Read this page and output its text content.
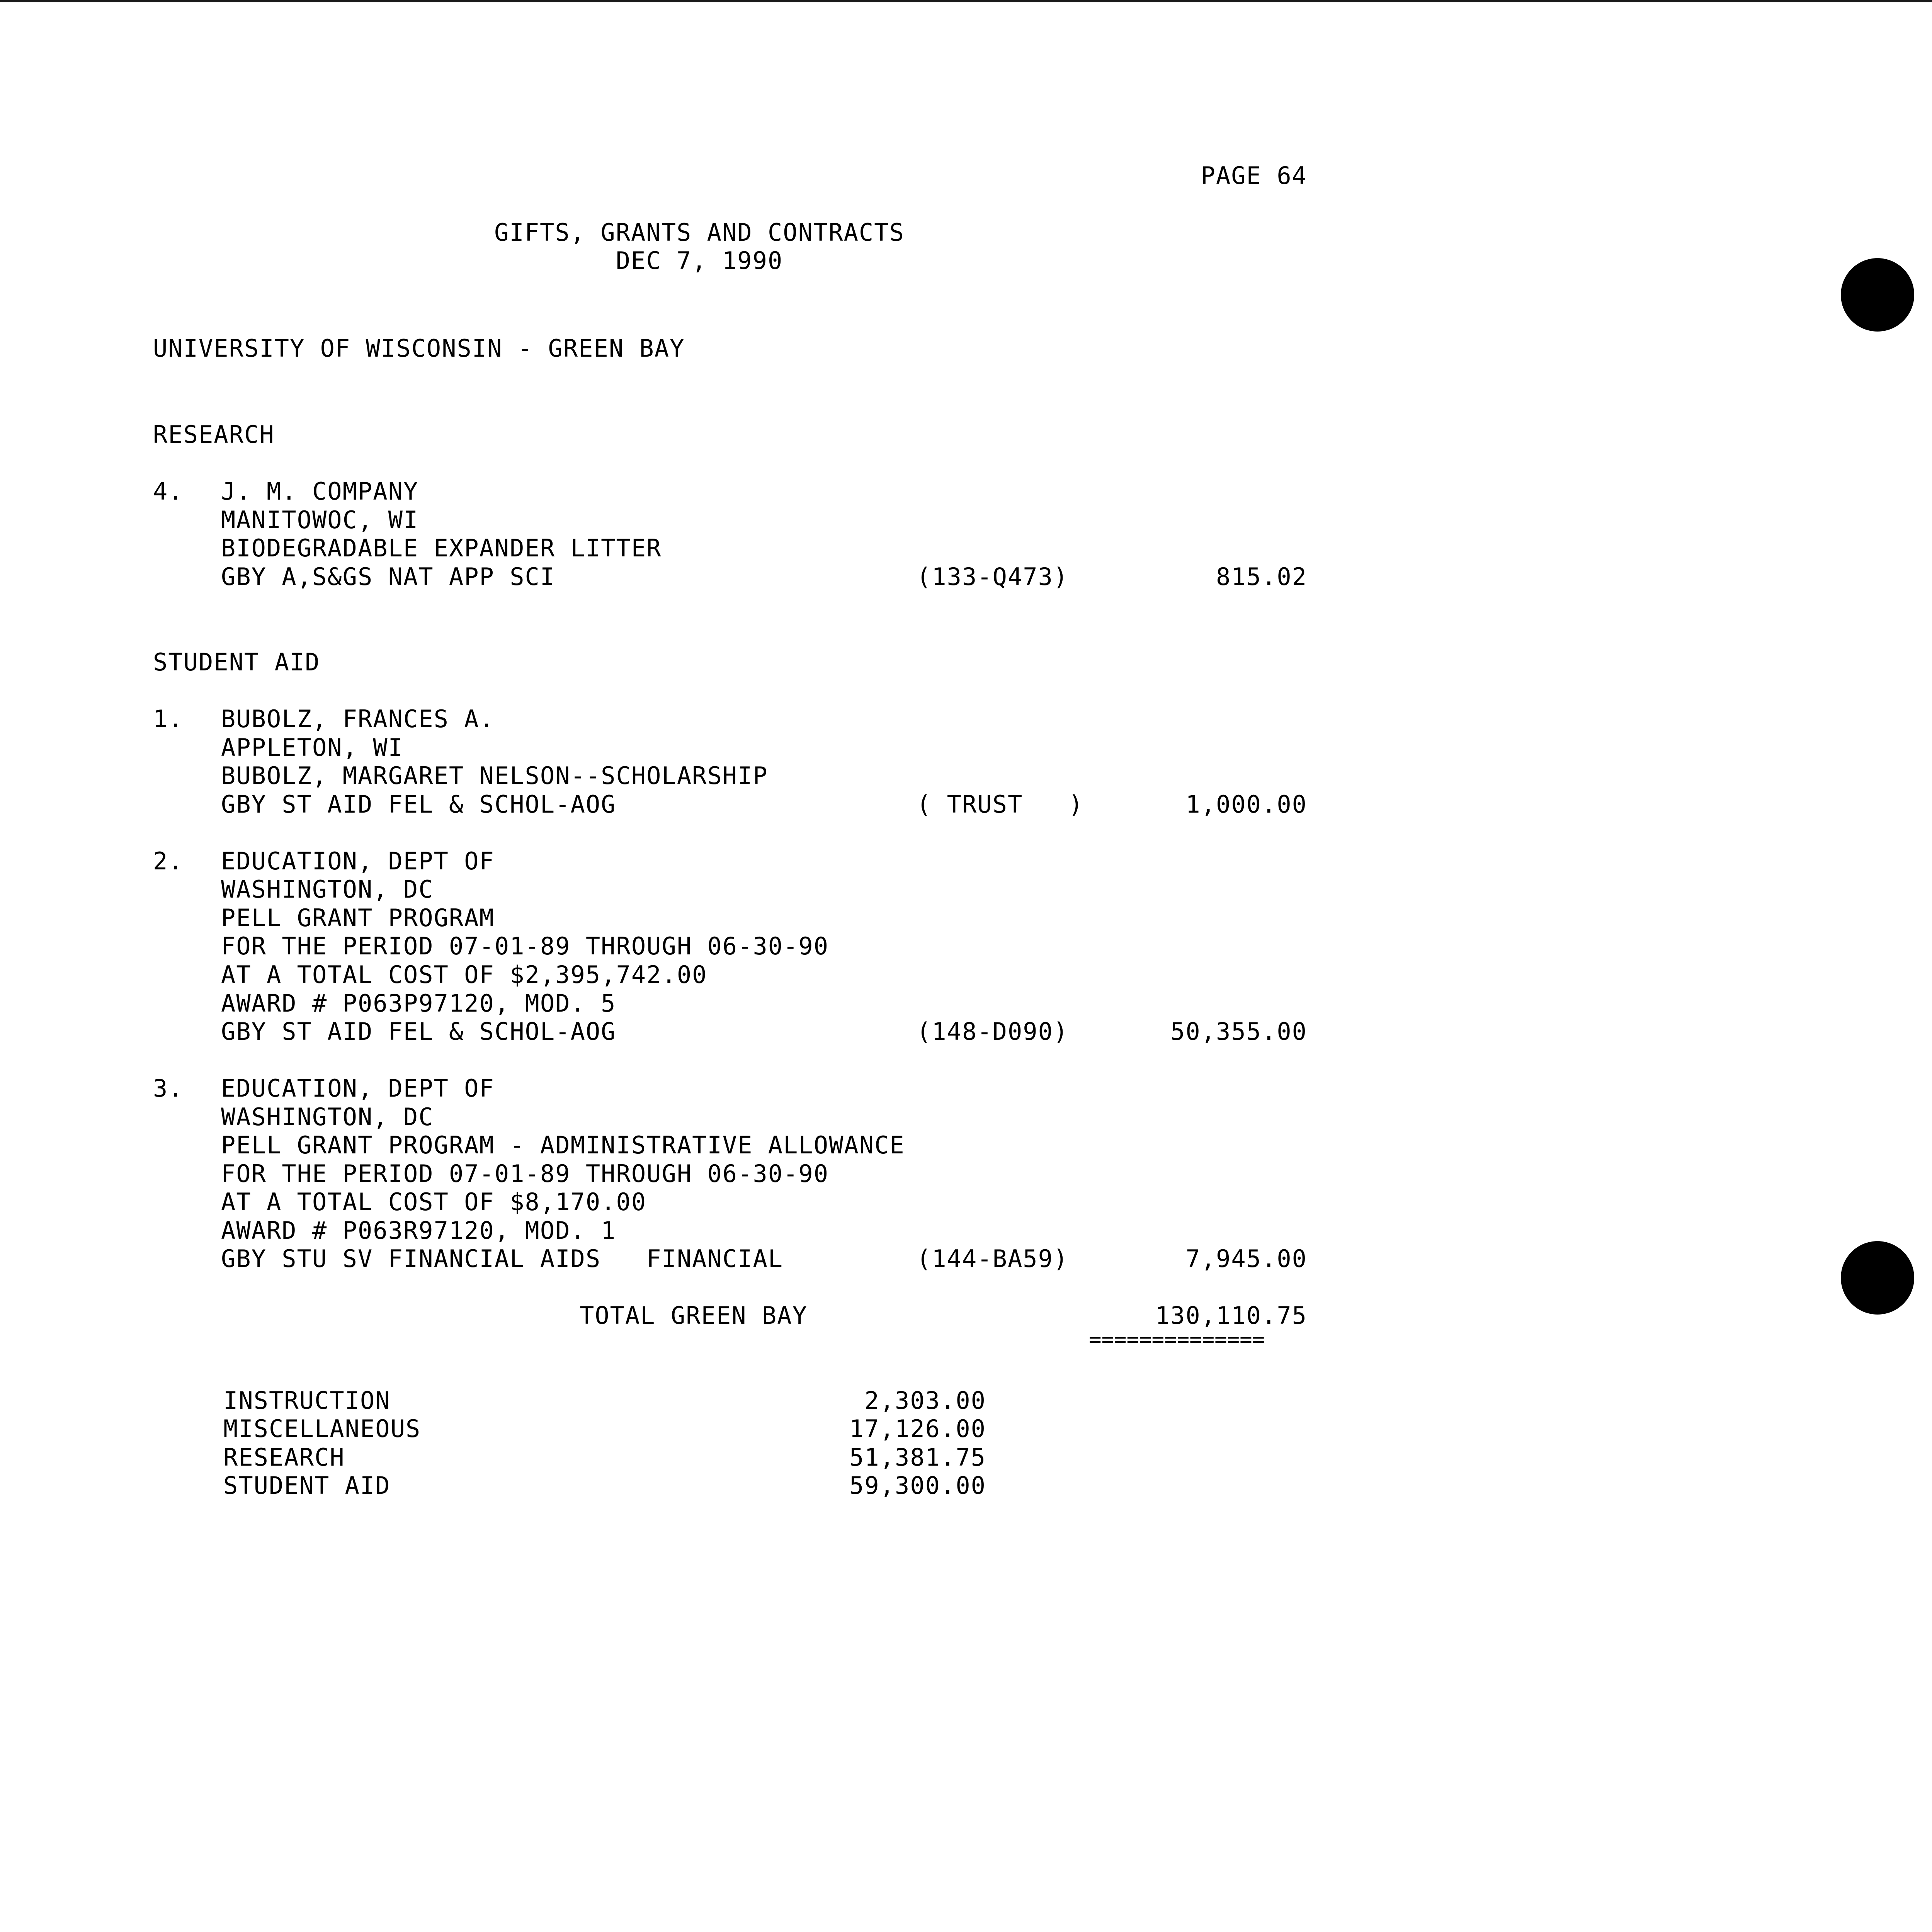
PAGE 64
GIFTS, GRANTS AND CONTRACTS
DEC 7, 1990
UNIVERSITY OF WISCONSIN - GREEN BAY
RESEARCH
4. J. M. COMPANY
MANITOWOC, WI
BIODEGRADABLE EXPANDER LITTER
GBY A,S&GS NAT APP SCI	(133-Q473)	815.02
STUDENT AID
1. BUBOLZ, FRANCES A.
APPLETON, WI
BUBOLZ, MARGARET NELSON--SCHOLARSHIP
GBY ST AID FEL & SCHOL-AOG	( TRUST   )	1,000.00
2. EDUCATION, DEPT OF
WASHINGTON, DC
PELL GRANT PROGRAM
FOR THE PERIOD 07-01-89 THROUGH 06-30-90
AT A TOTAL COST OF $2,395,742.00
AWARD # P063P97120, MOD. 5
GBY ST AID FEL & SCHOL-AOG	(148-D090)	50,355.00
3. EDUCATION, DEPT OF
WASHINGTON, DC
PELL GRANT PROGRAM - ADMINISTRATIVE ALLOWANCE
FOR THE PERIOD 07-01-89 THROUGH 06-30-90
AT A TOTAL COST OF $8,170.00
AWARD # P063R97120, MOD. 1
GBY STU SV FINANCIAL AIDS   FINANCIAL	(144-BA59)	7,945.00
TOTAL GREEN BAY	130,110.75
==============
INSTRUCTION	2,303.00
MISCELLANEOUS	17,126.00
RESEARCH	51,381.75
STUDENT AID	59,300.00
